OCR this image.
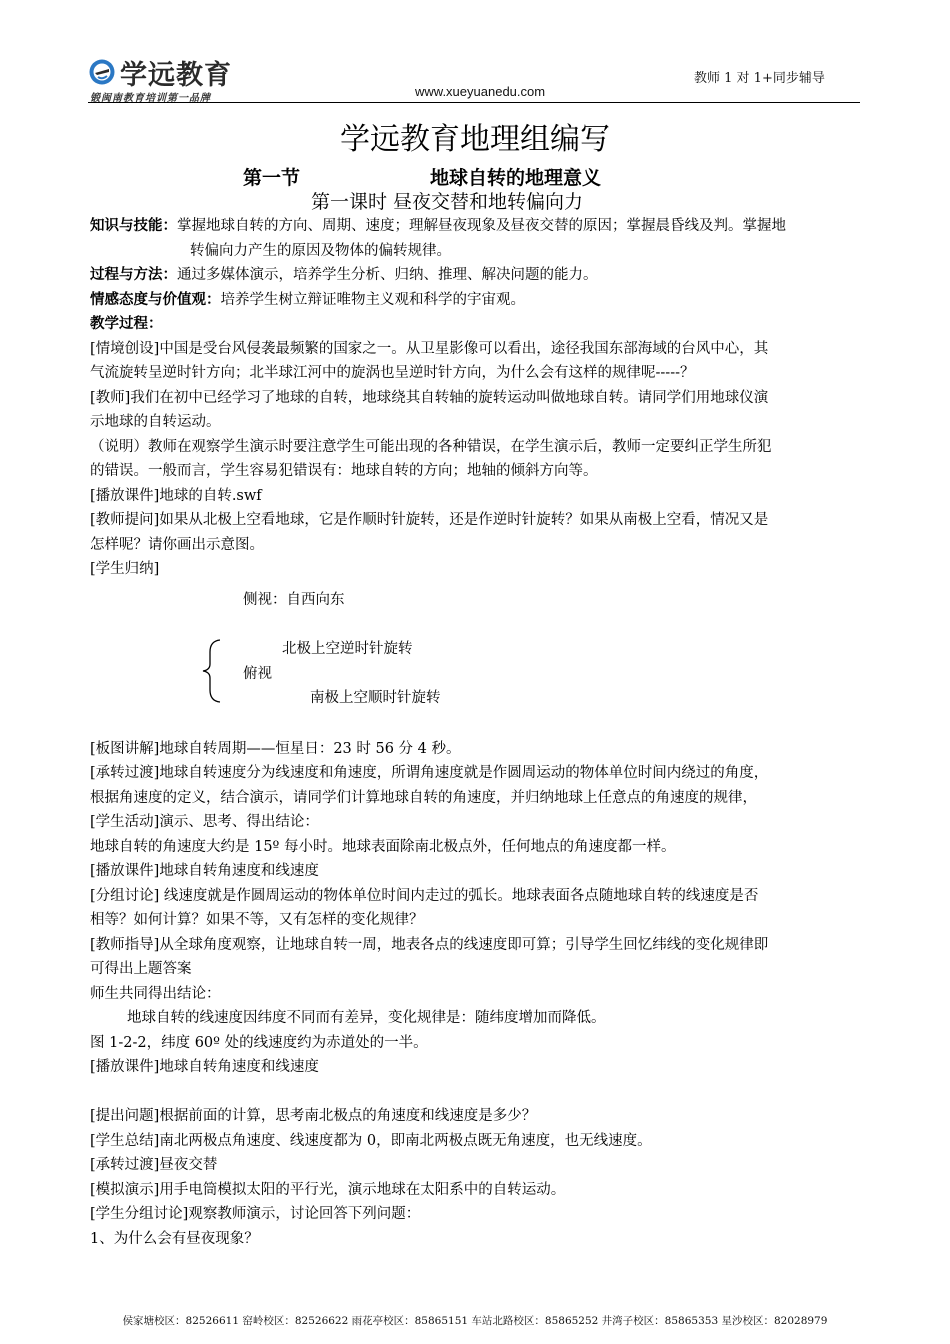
学远教育
锻闽南教育培训第一品牌	www.xueyuanedu.com
教师 1 对 1+同步辅导
学远教育地理组编写
第一节	地球自转的地理意义
第一课时 昼夜交替和地转偏向力

知识与技能：掌握地球自转的方向、周期、速度；理解昼夜现象及昼夜交替的原因；掌握晨昏线及判。掌握地

转偏向力产生的原因及物体的偏转规律。

过程与方法：通过多媒体演示，培养学生分析、归纳、推理、解决问题的能力。

情感态度与价值观：培养学生树立辩证唯物主义观和科学的宇宙观。

教学过程：

[情境创设]中国是受台风侵袭最频繁的国家之一。从卫星影像可以看出，途径我国东部海域的台风中心，其

气流旋转呈逆时针方向；北半球江河中的旋涡也呈逆时针方向，为什么会有这样的规律呢-----？

[教师]我们在初中已经学习了地球的自转，地球绕其自转轴的旋转运动叫做地球自转。请同学们用地球仪演

示地球的自转运动。

（说明）教师在观察学生演示时要注意学生可能出现的各种错误，在学生演示后，教师一定要纠正学生所犯

的错误。一般而言，学生容易犯错误有：地球自转的方向；地轴的倾斜方向等。

[播放课件]地球的自转.swf

[教师提问]如果从北极上空看地球，它是作顺时针旋转，还是作逆时针旋转？如果从南极上空看，情况又是

怎样呢？请你画出示意图。

[学生归纳]

侧视：自西向东
北极上空逆时针旋转
俯视
南极上空顺时针旋转

[板图讲解]地球自转周期——恒星日：23 时 56 分 4 秒。

[承转过渡]地球自转速度分为线速度和角速度，所谓角速度就是作圆周运动的物体单位时间内绕过的角度，

根据角速度的定义，结合演示，请同学们计算地球自转的角速度，并归纳地球上任意点的角速度的规律，

[学生活动]演示、思考、得出结论：

地球自转的角速度大约是 15º 每小时。地球表面除南北极点外，任何地点的角速度都一样。

[播放课件]地球自转角速度和线速度

[分组讨论] 线速度就是作圆周运动的物体单位时间内走过的弧长。地球表面各点随地球自转的线速度是否

相等？如何计算？如果不等，又有怎样的变化规律？

[教师指导]从全球角度观察，让地球自转一周，地表各点的线速度即可算；引导学生回忆纬线的变化规律即

可得出上题答案

师生共同得出结论：

地球自转的线速度因纬度不同而有差异，变化规律是：随纬度增加而降低。

图 1-2-2，纬度 60º 处的线速度约为赤道处的一半。

[播放课件]地球自转角速度和线速度

[提出问题]根据前面的计算，思考南北极点的角速度和线速度是多少？

[学生总结]南北两极点角速度、线速度都为 0，即南北两极点既无角速度，也无线速度。

[承转过渡]昼夜交替

[模拟演示]用手电筒模拟太阳的平行光，演示地球在太阳系中的自转运动。

[学生分组讨论]观察教师演示，讨论回答下列问题：

1、为什么会有昼夜现象？

侯家塘校区：82526611 窑岭校区：82526622 雨花亭校区：85865151 车站北路校区：85865252 井湾子校区：85865353 星沙校区：82028979
